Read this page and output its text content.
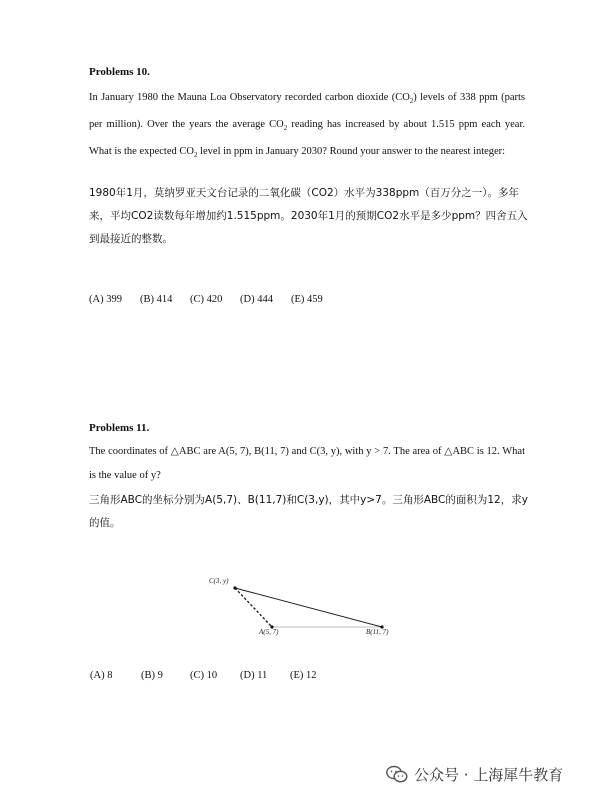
Problems 10.
In January 1980 the Mauna Loa Observatory recorded carbon dioxide $(CO_2)$ levels of 338 ppm (parts per million). Over the years the average $CO_2$ reading has increased by about 1.515 ppm each year. What is the expected $CO_2$ level in ppm in January 2030? Round your answer to the nearest integer:
1980年1月，莫纳罗亚天文台记录的二氧化碳（CO2）水平为338ppm（百万分之一）。多年来，平均CO2读数每年增加约1.515ppm。2030年1月的预期CO2水平是多少ppm？四舍五入到最接近的整数。
(A) 399 (B) 414 (C) 420 (D) 444 (E) 459
Problems 11.
The coordinates of △ABC are A(5, 7), B(11, 7) and C(3, y), with y > 7. The area of △ABC is 12. What is the value of y?
三角形ABC的坐标分别为A(5,7)、B(11,7)和C(3,y)，其中y>7。三角形ABC的面积为12，求y的值。
C(3, y)
A(5, 7)	B(11, 7)
(A) 8	(B) 9	(C) 10 (D) 11 (E) 12
公众号 · 上海犀牛教育
